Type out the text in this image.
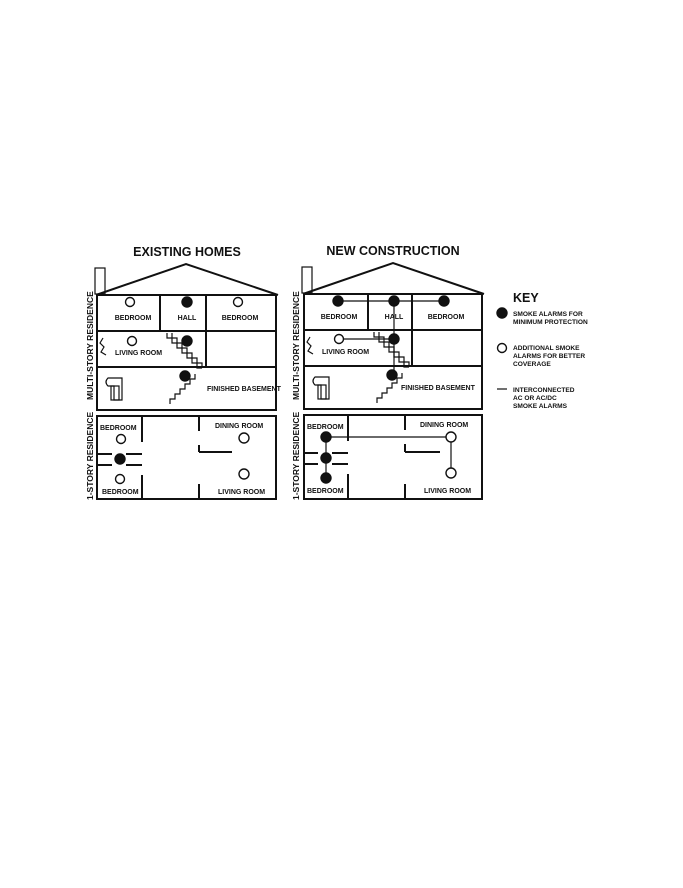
EXISTING HOMES	NEW CONSTRUCTION
BEDROOM	HALL	BEDROOM
LIVING ROOM
FINISHED BASEMENT
BEDROOM
BEDROOM
DINING ROOM
LIVING ROOM
MULTI-STORY RESIDENCE
1-STORY RESIDENCE
BEDROOM	HALL	BEDROOM
LIVING ROOM
FINISHED BASEMENT
BEDROOM
BEDROOM
DINING ROOM
LIVING ROOM
MULTI-STORY RESIDENCE
1-STORY RESIDENCE
KEY
SMOKE ALARMS FOR
MINIMUM PROTECTION
ADDITIONAL SMOKE
ALARMS FOR BETTER
COVERAGE
INTERCONNECTED
AC OR AC/DC
SMOKE ALARMS
